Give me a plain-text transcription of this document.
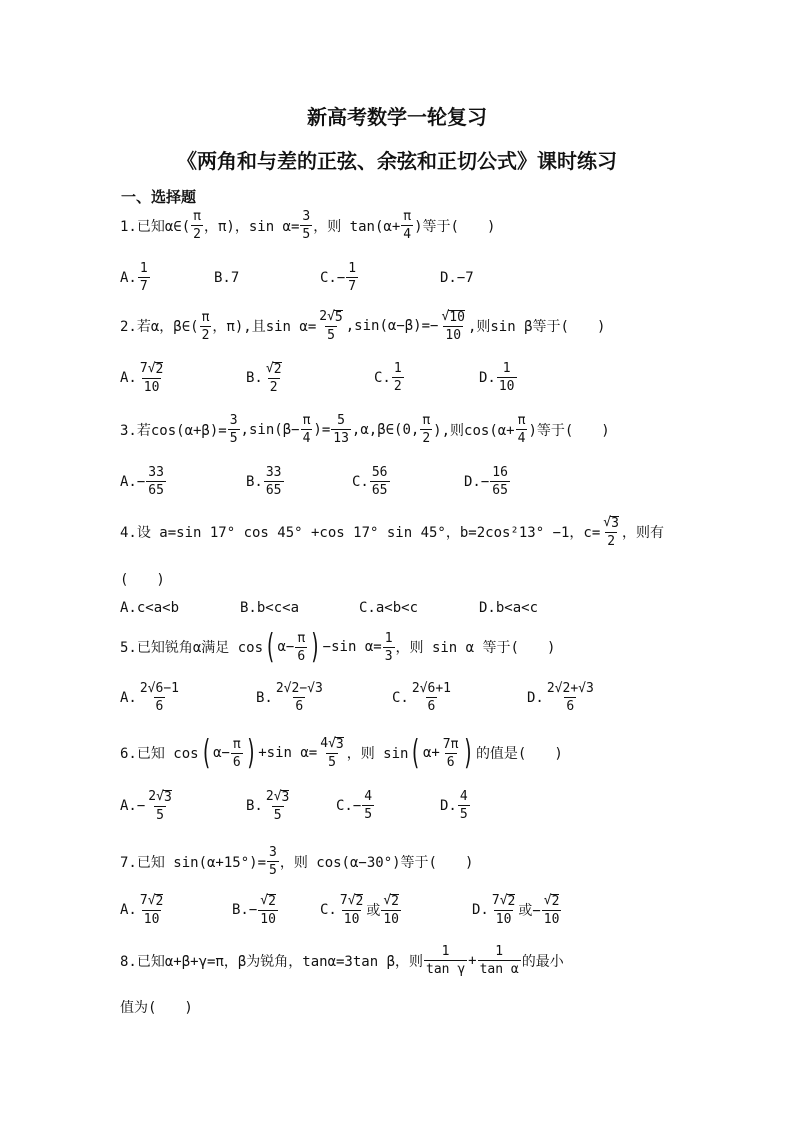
新高考数学一轮复习
《两角和与差的正弦、余弦和正切公式》课时练习
一、选择题
1.已知α∈(
π
2 ，π)，$\sin \alpha= \frac{3}{5}$ ，则 $\tan(\alpha+ \frac{\pi}{4}$ )等于(　　)
A.
1
7
B.7	$C.- \frac{1}{7}$	D.−7
2.若α，β∈(
π
2 ，π),且$\sin \alpha= \frac{2 √ 5}{5} ,\sin(\alpha-\beta)=- \frac{√ 10}{10}$ ,则sin β等于(　　)
A.
7 √ 2
10
B.
√ 2
2
C.
1
2
D.
1
10
3.若$\cos(\alpha+\beta)= \frac{3}{5} ,\sin(\beta- \frac{\pi}{4}$ )= $\frac{5}{13}$ ,α,β∈(0,
π
2 ),则$\cos(\alpha+ \frac{\pi}{4}$ )等于(　　)
$A.- \frac{33}{65}$	B.
33
65
C.
56
65
$D.- \frac{16}{65}$
4.设 a=sin 17° cos 45° +cos 17° sin 45°，b=2cos²13° −1，$c= \frac{√ 3}{2}$ ，则有
(　　)
A.c<a<b	B.b<c<a	C.a<b<c	D.b<a<c
5.已知锐角α满足 cos ( $\alpha- \frac{\pi}{6}$ ) −sin $\alpha= \frac{1}{3}$ ，则 sin α 等于(　　)
A.
2√6−1
6
B.
2√2−√3
6
C.
2√6+1
6
D.
2√2+√3
6
6.已知 cos ( $\alpha- \frac{\pi}{6}$ ) +sin $\alpha= \frac{4 √ 3}{5}$ ，则 sin ( $\alpha+ \frac{7\pi}{6}$ ) 的值是(　　)
$A.- \frac{2 √ 3}{5}$	B.
2 √ 3
5
$C.- \frac{4}{5}$	D.
4
5
7.已知 $\sin(\alpha+15^\circ)= \frac{3}{5}$ ，则 cos(α−30°)等于(　　)
A.
7 √ 2
10
$B.- \frac{√ 2}{10}$	C.
7 √ 2
10
或
√ 2
10
D.
7 √ 2
10
或− $\frac{√ 2}{10}$
8.已知α+β+γ=π，β为锐角，tanα=3tan β，则
1
tan γ
+ $\frac{1}{\text{tan α}}$ 的最小
值为(　　)
